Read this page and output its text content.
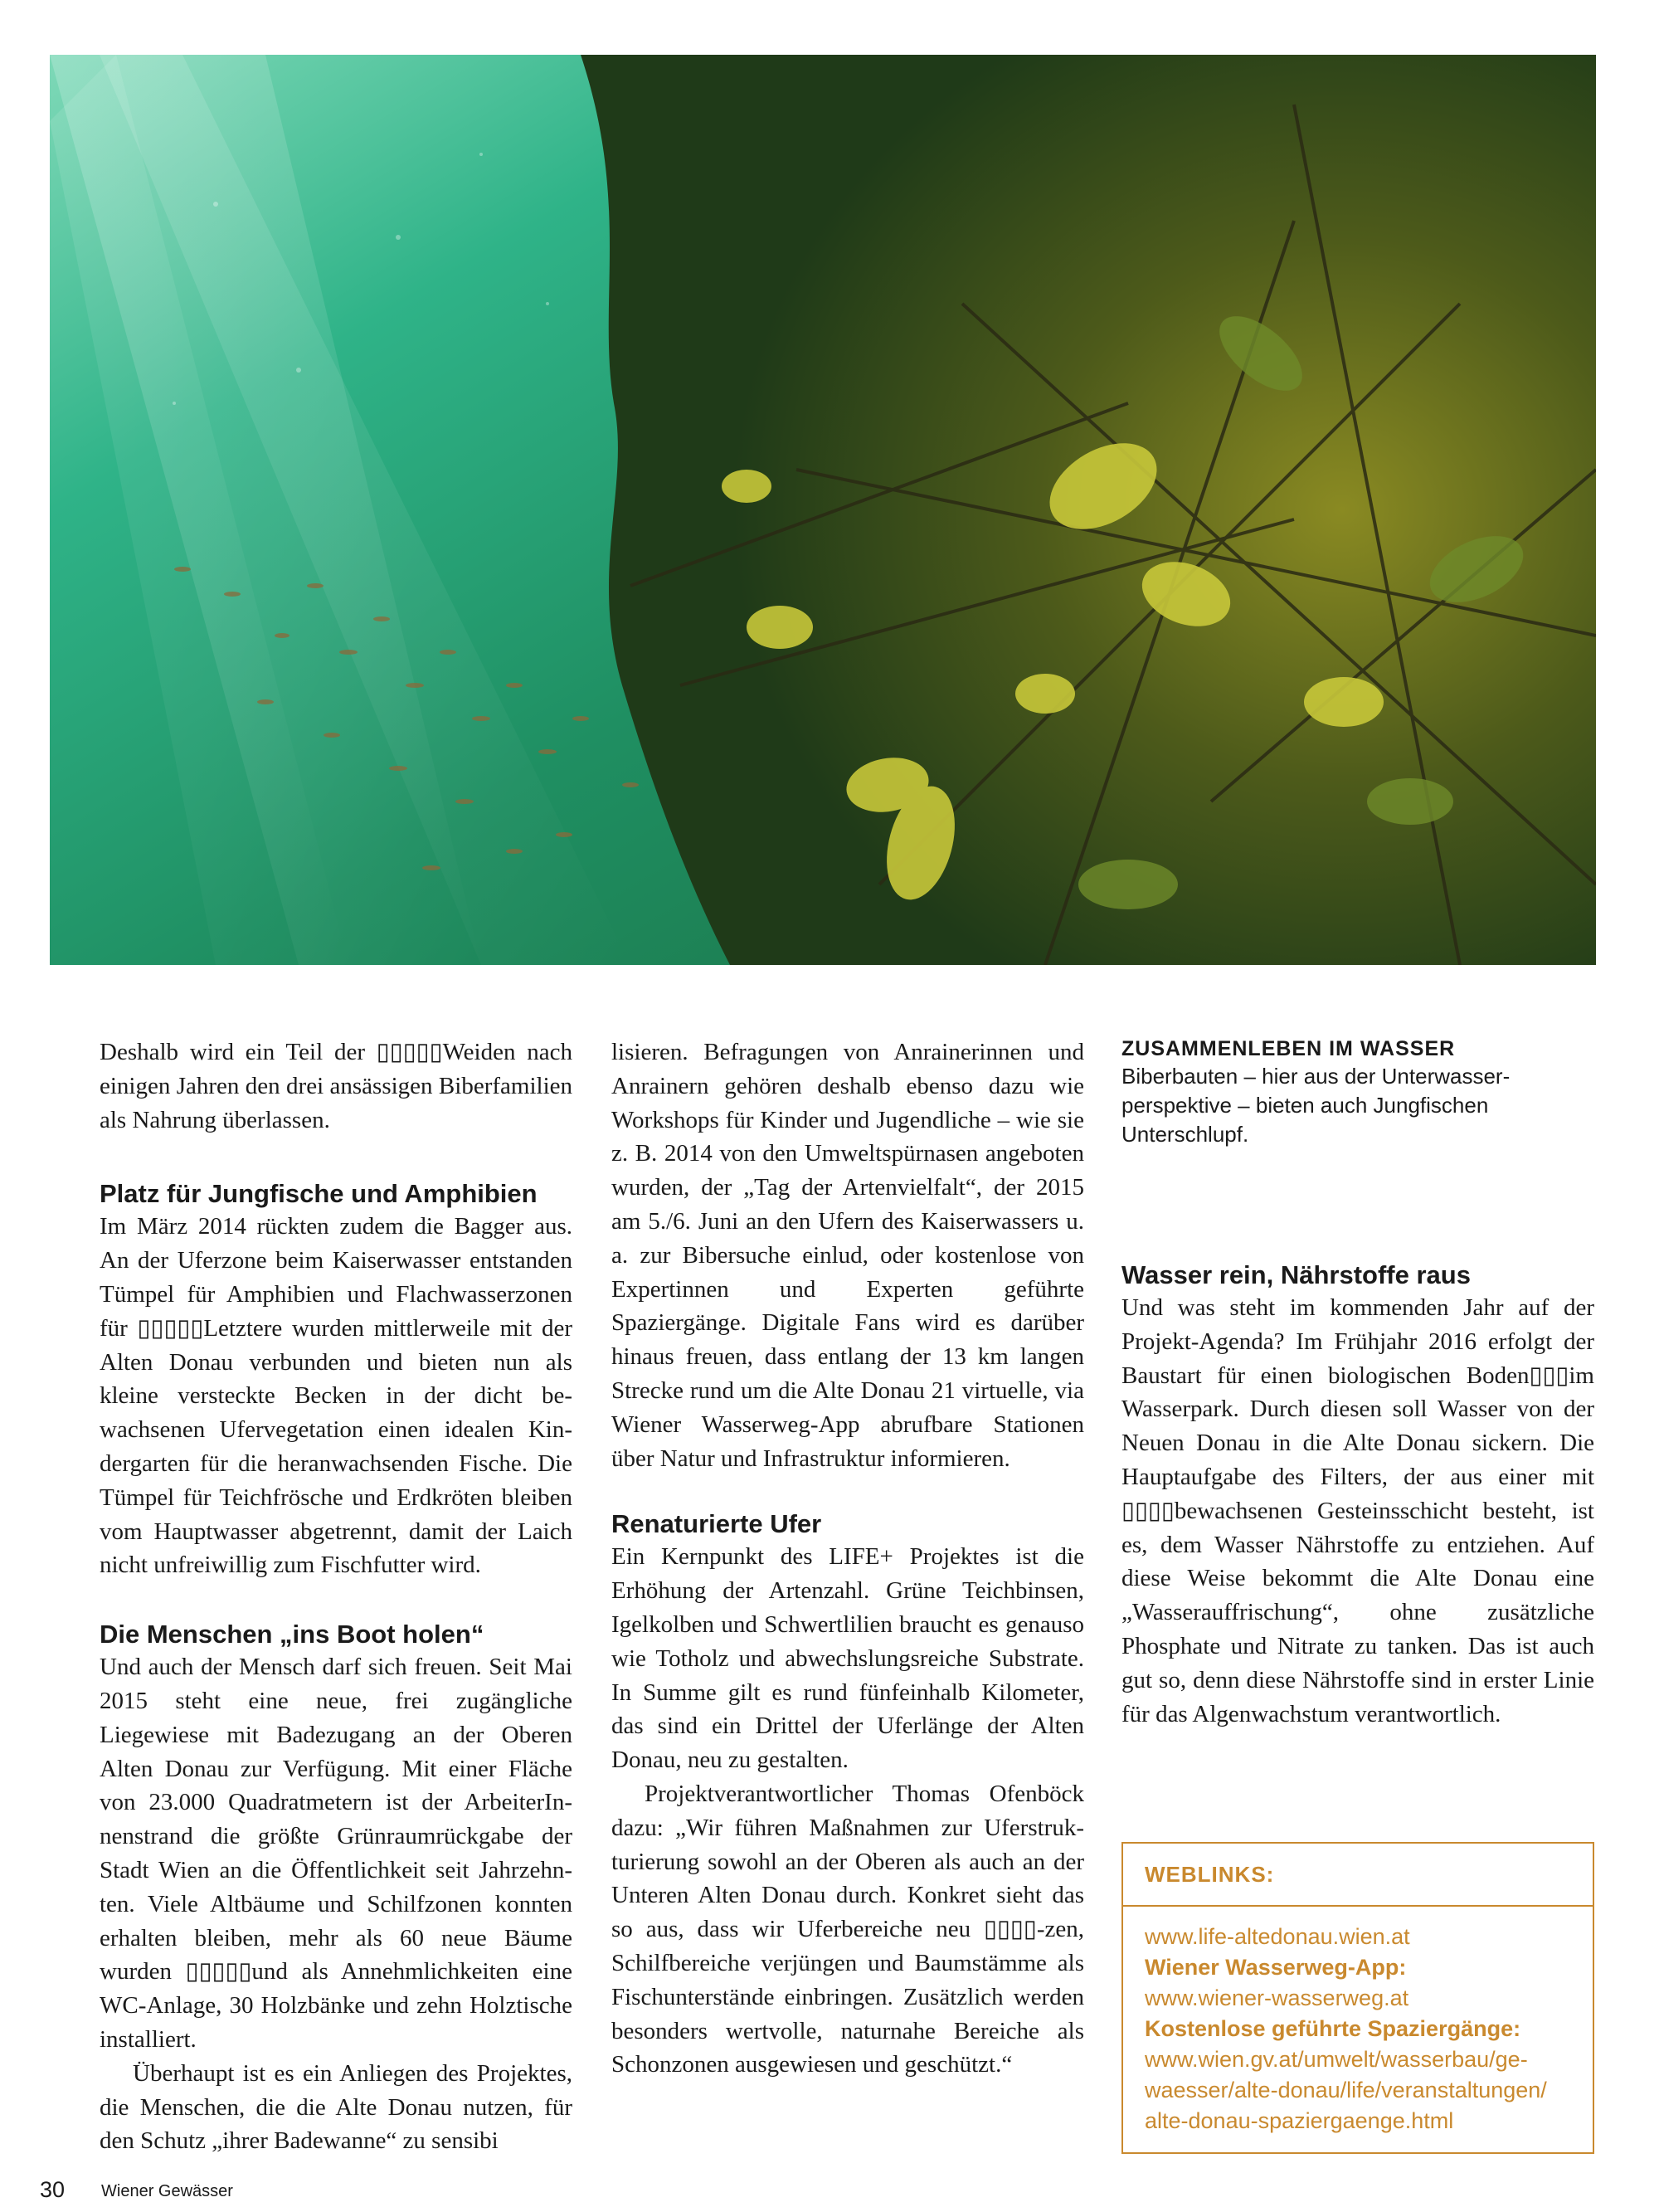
Deshalb wird ein Teil der ▯▯▯▯▯Weiden nach einigen Jahren den drei ansässigen Biberfamilien als Nahrung überlassen.

Platz für Jungfische und Amphibien

Im März 2014 rückten zudem die Bagger aus. An der Uferzone beim Kaiserwasser entstanden Tümpel für Amphibien und Flachwasserzonen für ▯▯▯▯▯Letztere wurden mittlerweile mit der Alten Donau verbunden und bieten nun als kleine versteckte Becken in der dicht bewachsenen Ufervegetation einen idealen Kindergarten für die heranwachsenden Fische. Die Tümpel für Teichfrösche und Erdkröten bleiben vom Hauptwasser abgetrennt, damit der Laich nicht unfreiwillig zum Fischfutter wird.

Die Menschen „ins Boot holen“

Und auch der Mensch darf sich freuen. Seit Mai 2015 steht eine neue, frei zugängliche Liegewiese mit Badezugang an der Oberen Alten Donau zur Verfügung. Mit einer Fläche von 23.000 Quadratmetern ist der ArbeiterInnenstrand die größte Grünraumrückgabe der Stadt Wien an die Öffentlichkeit seit Jahrzehnten. Viele Altbäume und Schilfzonen konnten erhalten bleiben, mehr als 60 neue Bäume wurden ▯▯▯▯▯und als Annehmlichkeiten eine WC-Anlage, 30 Holzbänke und zehn Holztische installiert.

Überhaupt ist es ein Anliegen des Projektes, die Menschen, die die Alte Donau nutzen, für den Schutz „ihrer Badewanne“ zu sensibi

lisieren. Befragungen von Anrainerinnen und Anrainern gehören deshalb ebenso dazu wie Workshops für Kinder und Jugendliche – wie sie z. B. 2014 von den Umweltspürnasen angeboten wurden, der „Tag der Artenvielfalt“, der 2015 am 5./6. Juni an den Ufern des Kaiserwassers u. a. zur Bibersuche einlud, oder kostenlose von Expertinnen und Experten geführte Spaziergänge. Digitale Fans wird es darüber hinaus freuen, dass entlang der 13 km langen Strecke rund um die Alte Donau 21 virtuelle, via Wiener Wasserweg-App abrufbare Stationen über Natur und Infrastruktur informieren.

Renaturierte Ufer

Ein Kernpunkt des LIFE+ Projektes ist die Erhöhung der Artenzahl. Grüne Teichbinsen, Igelkolben und Schwertlilien braucht es genauso wie Totholz und abwechslungsreiche Substrate. In Summe gilt es rund fünfeinhalb Kilometer, das sind ein Drittel der Uferlänge der Alten Donau, neu zu gestalten.

Projektverantwortlicher Thomas Ofenböck dazu: „Wir führen Maßnahmen zur Uferstrukturierung sowohl an der Oberen als auch an der Unteren Alten Donau durch. Konkret sieht das so aus, dass wir Uferbereiche neu ▯▯▯▯-zen, Schilfbereiche verjüngen und Baumstämme als Fischunterstände einbringen. Zusätzlich werden besonders wertvolle, naturnahe Bereiche als Schonzonen ausgewiesen und geschützt.“

ZUSAMMENLEBEN IM WASSER

Biberbauten – hier aus der Unterwasserperspektive – bieten auch Jungfischen Unterschlupf.

Wasser rein, Nährstoffe raus

Und was steht im kommenden Jahr auf der Projekt-Agenda? Im Frühjahr 2016 erfolgt der Baustart für einen biologischen Boden▯▯▯im Wasserpark. Durch diesen soll Wasser von der Neuen Donau in die Alte Donau sickern. Die Hauptaufgabe des Filters, der aus einer mit ▯▯▯▯bewachsenen Gesteinsschicht besteht, ist es, dem Wasser Nährstoffe zu entziehen. Auf diese Weise bekommt die Alte Donau eine „Wasserauffrischung“, ohne zusätzliche Phosphate und Nitrate zu tanken. Das ist auch gut so, denn diese Nährstoffe sind in erster Linie für das Algenwachstum verantwortlich.

WEBLINKS:

www.life-altedonau.wien.at

Wiener Wasserweg-App:

www.wiener-wasserweg.at

Kostenlose geführte Spaziergänge:

www.wien.gv.at/umwelt/wasserbau/ge-

waesser/alte-donau/life/veranstaltungen/

alte-donau-spaziergaenge.html

30 Wiener Gewässer
